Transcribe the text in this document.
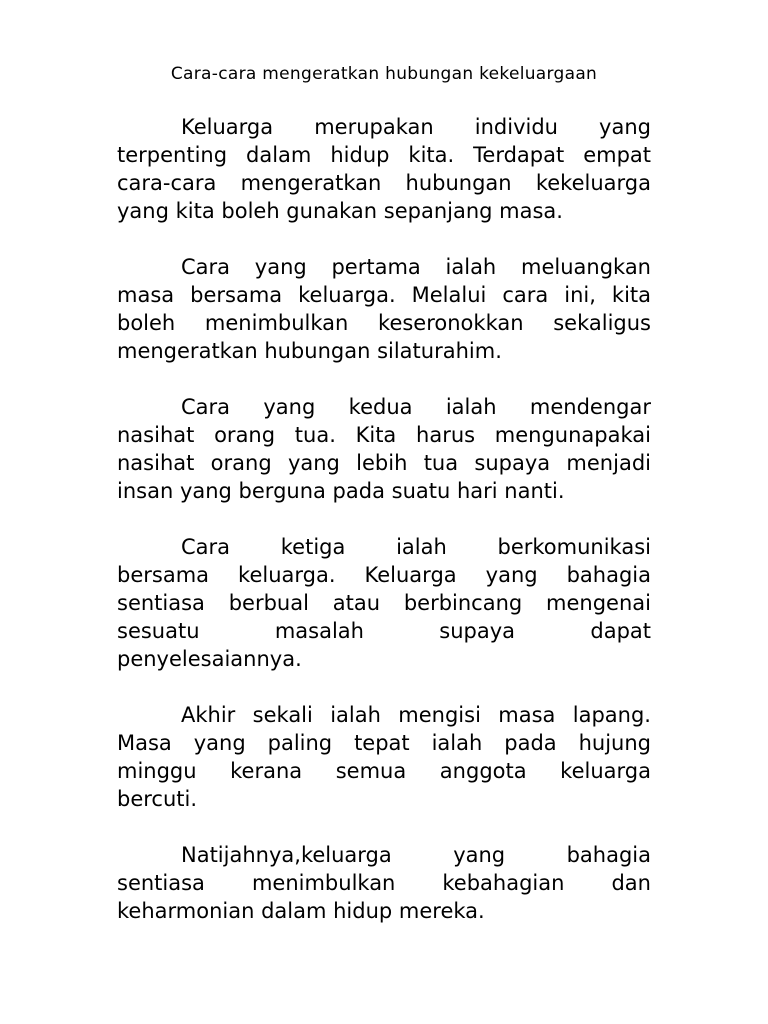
Cara-cara mengeratkan hubungan kekeluargaan
Keluarga merupakan individu yang
terpenting dalam hidup kita. Terdapat empat
cara-cara mengeratkan hubungan kekeluarga
yang kita boleh gunakan sepanjang masa.
Cara yang pertama ialah meluangkan
masa bersama keluarga. Melalui cara ini, kita
boleh menimbulkan keseronokkan sekaligus
mengeratkan hubungan silaturahim.
Cara yang kedua ialah mendengar
nasihat orang tua. Kita harus mengunapakai
nasihat orang yang lebih tua supaya menjadi
insan yang berguna pada suatu hari nanti.
Cara ketiga ialah berkomunikasi
bersama keluarga. Keluarga yang bahagia
sentiasa berbual atau berbincang mengenai
sesuatu masalah supaya dapat
penyelesaiannya.
Akhir sekali ialah mengisi masa lapang.
Masa yang paling tepat ialah pada hujung
minggu kerana semua anggota keluarga
bercuti.
Natijahnya,keluarga yang bahagia
sentiasa menimbulkan kebahagian dan
keharmonian dalam hidup mereka.
